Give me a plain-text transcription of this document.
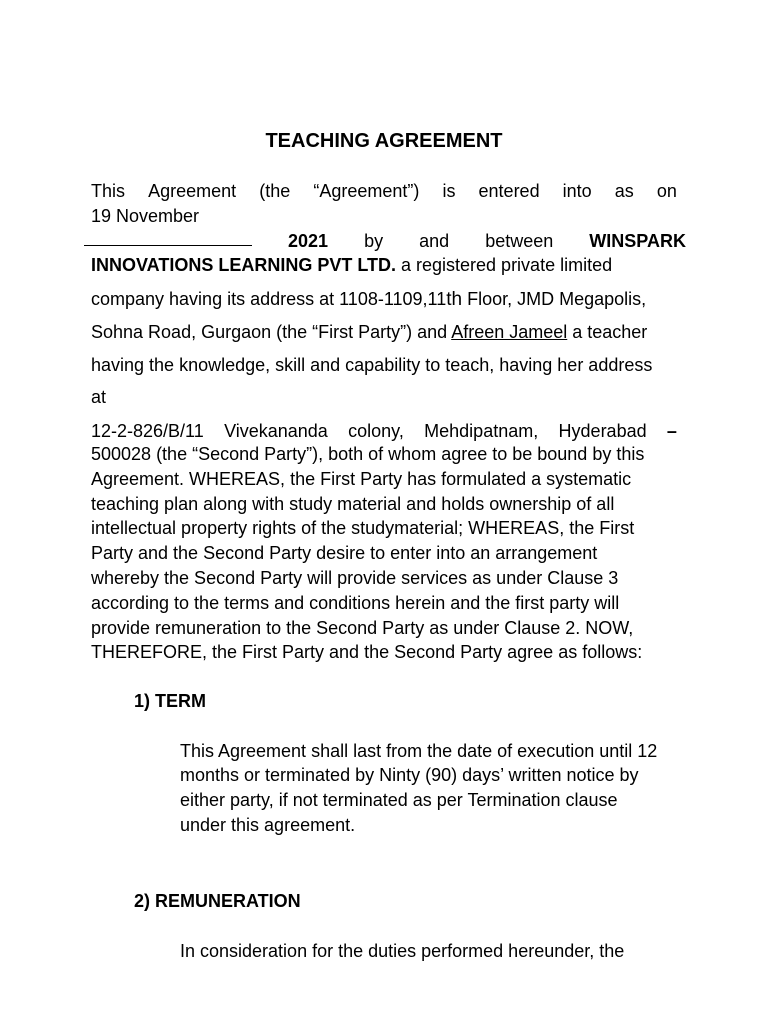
TEACHING AGREEMENT
This Agreement (the “Agreement”) is entered into as on
19 November
2021 by and between WINSPARK
INNOVATIONS LEARNING PVT LTD. a registered private limited
company having its address at 1108-1109,11th Floor, JMD Megapolis,
Sohna Road, Gurgaon (the “First Party”) and Afreen Jameel a teacher
having the knowledge, skill and capability to teach, having her address
at
12-2-826/B/11 Vivekananda colony, Mehdipatnam, Hyderabad –
500028 (the “Second Party”), both of whom agree to be bound by this
Agreement. WHEREAS, the First Party has formulated a systematic
teaching plan along with study material and holds ownership of all
intellectual property rights of the studymaterial; WHEREAS, the First
Party and the Second Party desire to enter into an arrangement
whereby the Second Party will provide services as under Clause 3
according to the terms and conditions herein and the first party will
provide remuneration to the Second Party as under Clause 2. NOW,
THEREFORE, the First Party and the Second Party agree as follows:
1) TERM
This Agreement shall last from the date of execution until 12
months or terminated by Ninty (90) days’ written notice by
either party, if not terminated as per Termination clause
under this agreement.
2) REMUNERATION
In consideration for the duties performed hereunder, the
